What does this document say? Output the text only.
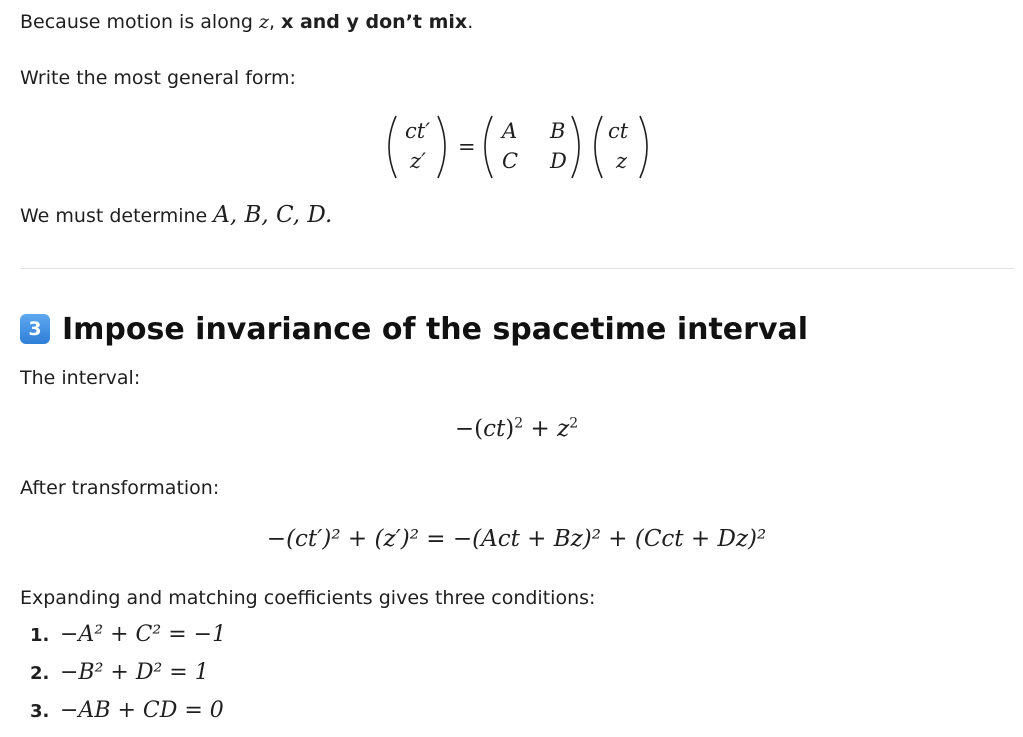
Because motion is along z, x and y don’t mix.
Write the most general form:
ct′
z′
=
A B
C D
ct
z
We must determine A, B, C, D.
3 Impose invariance of the spacetime interval
The interval:
$-(ct)^2 + z^2$
After transformation:
−(ct′)² + (z′)² = −(Act + Bz)² + (Cct + Dz)²
Expanding and matching coefficients gives three conditions:
1. −A² + C² = −1
2. −B² + D² = 1
3. −AB + CD = 0
